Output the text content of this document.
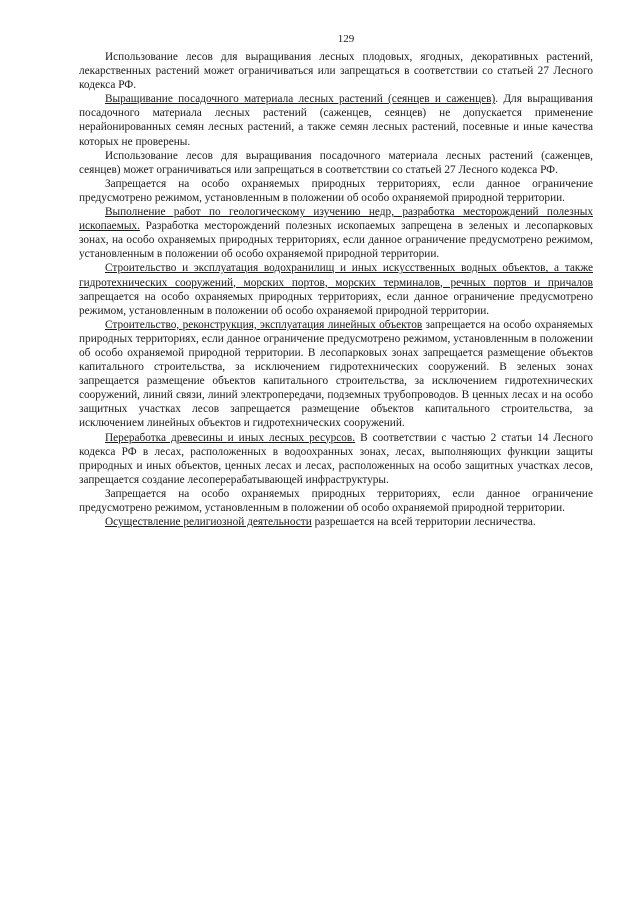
129

Использование лесов для выращивания лесных плодовых, ягодных, декоративных растений, лекарственных растений может ограничиваться или запрещаться в соответствии со статьей 27 Лесного кодекса РФ.

Выращивание посадочного материала лесных растений (сеянцев и саженцев). Для выращивания посадочного материала лесных растений (саженцев, сеянцев) не допускается применение нерайонированных семян лесных растений, а также семян лесных растений, посевные и иные качества которых не проверены.

Использование лесов для выращивания посадочного материала лесных растений (саженцев, сеянцев) может ограничиваться или запрещаться в соответствии со статьей 27 Лесного кодекса РФ.

Запрещается на особо охраняемых природных территориях, если данное ограничение предусмотрено режимом, установленным в положении об особо охраняемой природной территории.

Выполнение работ по геологическому изучению недр, разработка месторождений полезных ископаемых. Разработка месторождений полезных ископаемых запрещена в зеленых и лесопарковых зонах, на особо охраняемых природных территориях, если данное ограничение предусмотрено режимом, установленным в положении об особо охраняемой природной территории.

Строительство и эксплуатация водохранилищ и иных искусственных водных объектов, а также гидротехнических сооружений, морских портов, морских терминалов, речных портов и причалов запрещается на особо охраняемых природных территориях, если данное ограничение предусмотрено режимом, установленным в положении об особо охраняемой природной территории.

Строительство, реконструкция, эксплуатация линейных объектов запрещается на особо охраняемых природных территориях, если данное ограничение предусмотрено режимом, установленным в положении об особо охраняемой природной территории. В лесопарковых зонах запрещается размещение объектов капитального строительства, за исключением гидротехнических сооружений. В зеленых зонах запрещается размещение объектов капитального строительства, за исключением гидротехнических сооружений, линий связи, линий электропередачи, подземных трубопроводов. В ценных лесах и на особо защитных участках лесов запрещается размещение объектов капитального строительства, за исключением линейных объектов и гидротехнических сооружений.

Переработка древесины и иных лесных ресурсов. В соответствии с частью 2 статьи 14 Лесного кодекса РФ в лесах, расположенных в водоохранных зонах, лесах, выполняющих функции защиты природных и иных объектов, ценных лесах и лесах, расположенных на особо защитных участках лесов, запрещается создание лесоперерабатывающей инфраструктуры.

Запрещается на особо охраняемых природных территориях, если данное ограничение предусмотрено режимом, установленным в положении об особо охраняемой природной территории.

Осуществление религиозной деятельности разрешается на всей территории лесничества.
